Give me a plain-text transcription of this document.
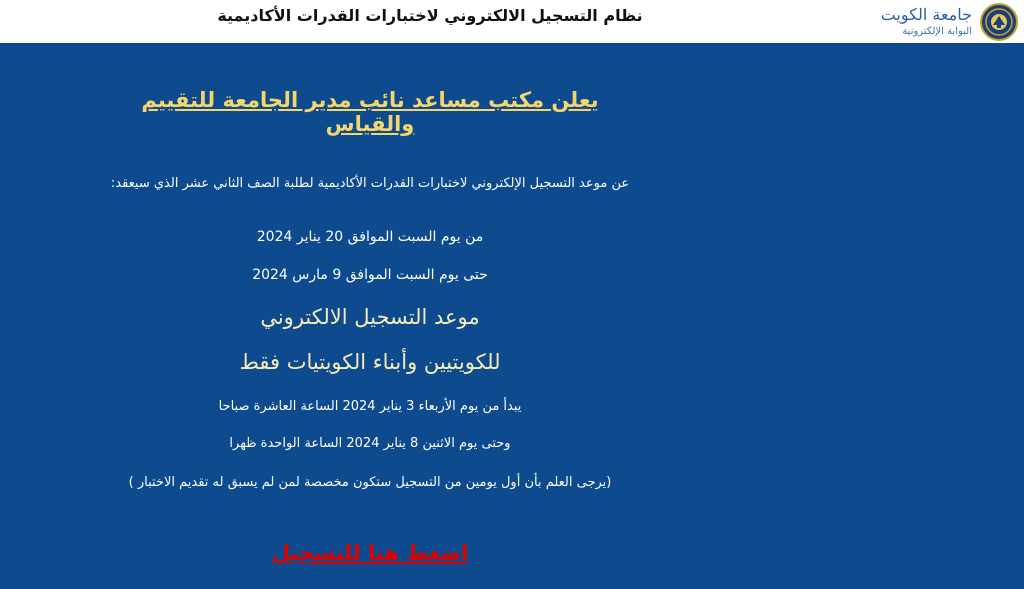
جامعة الكويت
البوابة الإلكترونية
نظام التسجيل الالكتروني لاختبارات القدرات الأكاديمية
يعلن مكتب مساعد نائب مدير الجامعة للتقييم والقياس
عن موعد التسجيل الإلكتروني لاختبارات القدرات الأكاديمية لطلبة الصف الثاني عشر الذي سيعقد:
من يوم السبت الموافق 20 يناير 2024
حتى يوم السبت الموافق 9 مارس 2024
موعد التسجيل الالكتروني
للكويتيين وأبناء الكويتيات فقط
يبدأ من يوم الأربعاء 3 يناير 2024 الساعة العاشرة صباحا
وحتى يوم الاثنين 8 يناير 2024 الساعة الواحدة ظهرا
(يرجى العلم بأن أول يومين من التسجيل ستكون مخصصة لمن لم يسبق له تقديم الاختبار )
اضغط هنا للتسجيل
